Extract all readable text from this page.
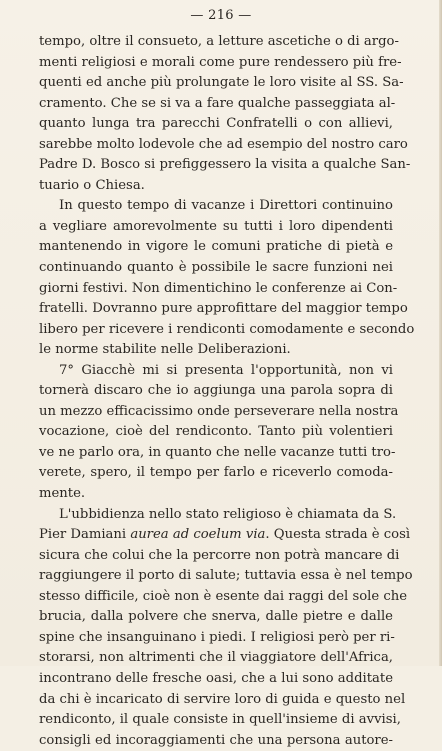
— 216 —

tempo, oltre il consueto, a letture ascetiche o di argo-
menti religiosi e morali come pure rendessero più fre-
quenti ed anche più prolungate le loro visite al SS. Sa-
cramento. Che se si va a fare qualche passeggiata al-
quanto lunga tra parecchi Confratelli o con allievi,
sarebbe molto lodevole che ad esempio del nostro caro
Padre D. Bosco si prefiggessero la visita a qualche San-
tuario o Chiesa.

In questo tempo di vacanze i Direttori continuino
a vegliare amorevolmente su tutti i loro dipendenti
mantenendo in vigore le comuni pratiche di pietà e
continuando quanto è possibile le sacre funzioni nei
giorni festivi. Non dimentichino le conferenze ai Con-
fratelli. Dovranno pure approfittare del maggior tempo
libero per ricevere i rendiconti comodamente e secondo
le norme stabilite nelle Deliberazioni.

7° Giacchè mi si presenta l'opportunità, non vi
tornerà discaro che io aggiunga una parola sopra di
un mezzo efficacissimo onde perseverare nella nostra
vocazione, cioè del rendiconto. Tanto più volentieri
ve ne parlo ora, in quanto che nelle vacanze tutti tro-
verete, spero, il tempo per farlo e riceverlo comoda-
mente.

L'ubbidienza nello stato religioso è chiamata da S.
Pier Damiani aurea ad coelum via. Questa strada è così
sicura che colui che la percorre non potrà mancare di
raggiungere il porto di salute; tuttavia essa è nel tempo
stesso difficile, cioè non è esente dai raggi del sole che
brucia, dalla polvere che snerva, dalle pietre e dalle
spine che insanguinano i piedi. I religiosi però per ri-
storarsi, non altrimenti che il viaggiatore dell'Africa,
incontrano delle fresche oasi, che a lui sono additate
da chi è incaricato di servire loro di guida e questo nel
rendiconto, il quale consiste in quell'insieme di avvisi,
consigli ed incoraggiamenti che una persona autore-
